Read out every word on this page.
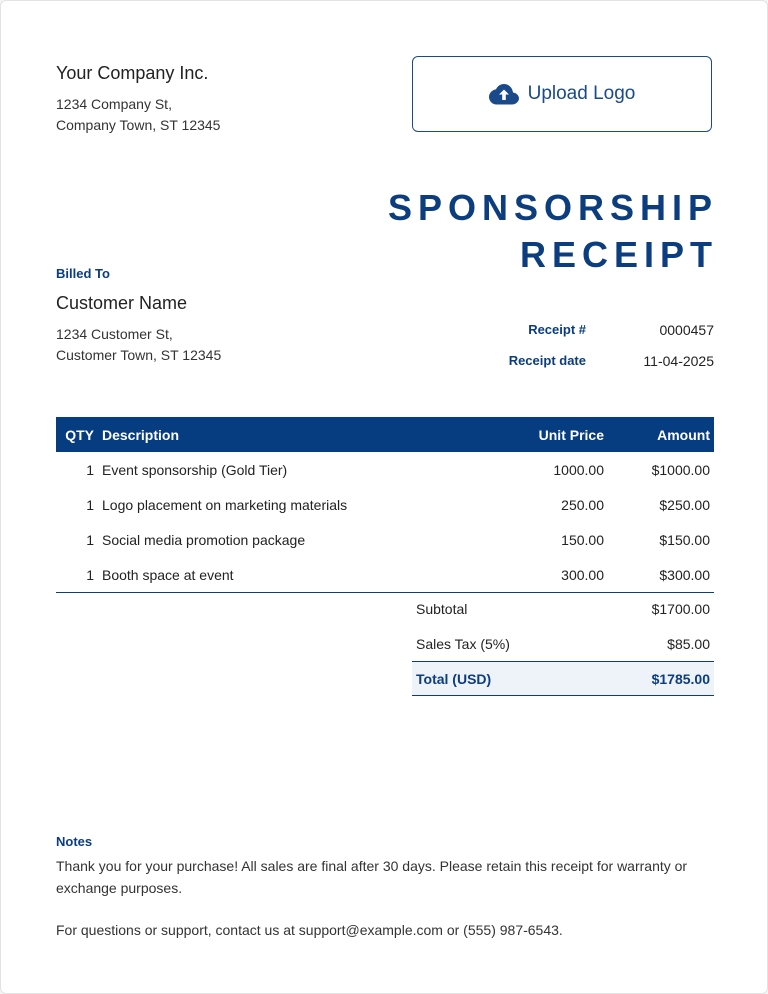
Your Company Inc.
1234 Company St,
Company Town, ST 12345
Upload Logo
SPONSORSHIP
RECEIPT
Billed To
Customer Name
1234 Customer St,
Customer Town, ST 12345
Receipt #	0000457
Receipt date	11-04-2025
QTY	Description	Unit Price	Amount
1	Event sponsorship (Gold Tier)	1000.00	$1000.00
1	Logo placement on marketing materials	250.00	$250.00
1	Social media promotion package	150.00	$150.00
1	Booth space at event	300.00	$300.00
Subtotal	$1700.00
Sales Tax (5%)	$85.00
Total (USD)	$1785.00
Notes

Thank you for your purchase! All sales are final after 30 days. Please retain this receipt for warranty or exchange purposes.

For questions or support, contact us at support@example.com or (555) 987-6543.
